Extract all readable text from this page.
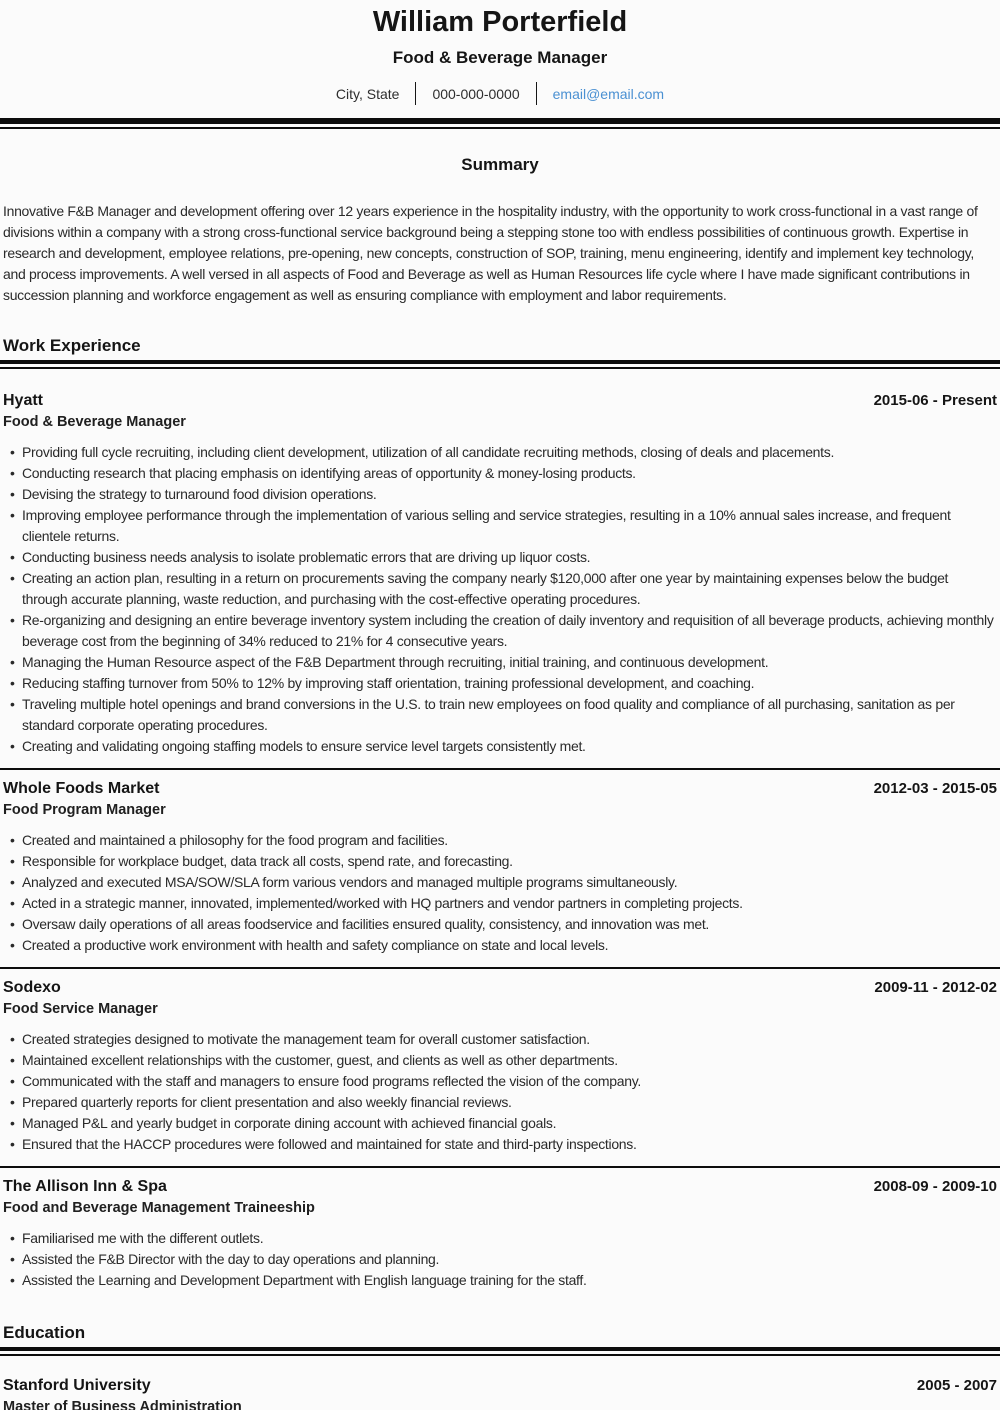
William Porterfield
Food & Beverage Manager
City, State 000-000-0000 email@email.com
Summary

Innovative F&B Manager and development offering over 12 years experience in the hospitality industry, with the opportunity to work cross-functional in a vast range of divisions within a company with a strong cross-functional service background being a stepping stone too with endless possibilities of continuous growth. Expertise in research and development, employee relations, pre-opening, new concepts, construction of SOP, training, menu engineering, identify and implement key technology, and process improvements. A well versed in all aspects of Food and Beverage as well as Human Resources life cycle where I have made significant contributions in succession planning and workforce engagement as well as ensuring compliance with employment and labor requirements.

Work Experience
Hyatt	2015-06 - Present
Food & Beverage Manager
• Providing full cycle recruiting, including client development, utilization of all candidate recruiting methods, closing of deals and placements.
• Conducting research that placing emphasis on identifying areas of opportunity & money-losing products.
• Devising the strategy to turnaround food division operations.
• Improving employee performance through the implementation of various selling and service strategies, resulting in a 10% annual sales increase, and frequent clientele returns.
• Conducting business needs analysis to isolate problematic errors that are driving up liquor costs.
• Creating an action plan, resulting in a return on procurements saving the company nearly $120,000 after one year by maintaining expenses below the budget through accurate planning, waste reduction, and purchasing with the cost-effective operating procedures.
• Re-organizing and designing an entire beverage inventory system including the creation of daily inventory and requisition of all beverage products, achieving monthly beverage cost from the beginning of 34% reduced to 21% for 4 consecutive years.
• Managing the Human Resource aspect of the F&B Department through recruiting, initial training, and continuous development.
• Reducing staffing turnover from 50% to 12% by improving staff orientation, training professional development, and coaching.
• Traveling multiple hotel openings and brand conversions in the U.S. to train new employees on food quality and compliance of all purchasing, sanitation as per standard corporate operating procedures.
• Creating and validating ongoing staffing models to ensure service level targets consistently met.
Whole Foods Market	2012-03 - 2015-05
Food Program Manager
• Created and maintained a philosophy for the food program and facilities.
• Responsible for workplace budget, data track all costs, spend rate, and forecasting.
• Analyzed and executed MSA/SOW/SLA form various vendors and managed multiple programs simultaneously.
• Acted in a strategic manner, innovated, implemented/worked with HQ partners and vendor partners in completing projects.
• Oversaw daily operations of all areas foodservice and facilities ensured quality, consistency, and innovation was met.
• Created a productive work environment with health and safety compliance on state and local levels.
Sodexo	2009-11 - 2012-02
Food Service Manager
• Created strategies designed to motivate the management team for overall customer satisfaction.
• Maintained excellent relationships with the customer, guest, and clients as well as other departments.
• Communicated with the staff and managers to ensure food programs reflected the vision of the company.
• Prepared quarterly reports for client presentation and also weekly financial reviews.
• Managed P&L and yearly budget in corporate dining account with achieved financial goals.
• Ensured that the HACCP procedures were followed and maintained for state and third-party inspections.
The Allison Inn & Spa	2008-09 - 2009-10
Food and Beverage Management Traineeship
• Familiarised me with the different outlets.
• Assisted the F&B Director with the day to day operations and planning.
• Assisted the Learning and Development Department with English language training for the staff.
Education
Stanford University	2005 - 2007
Master of Business Administration
